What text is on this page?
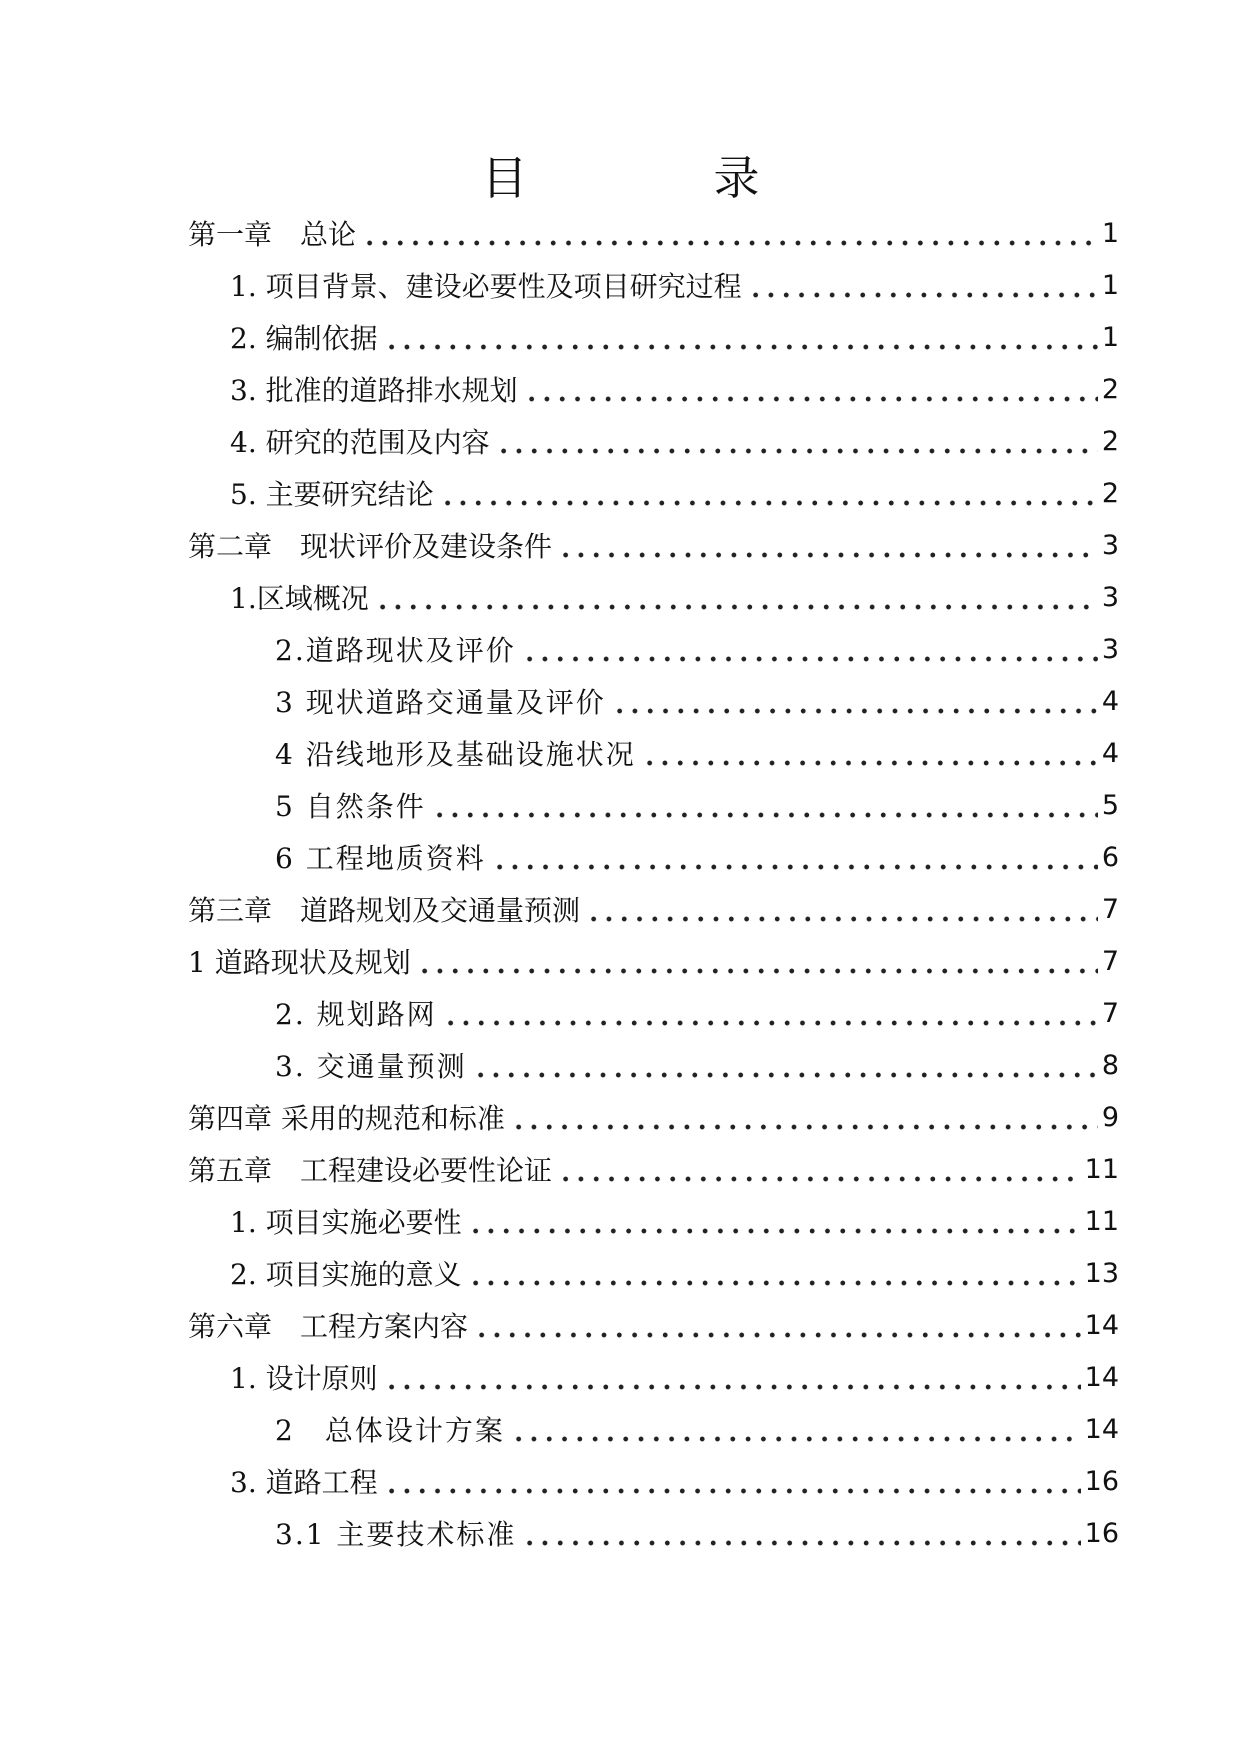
目　录
第一章　总论	1
1. 项目背景、建设必要性及项目研究过程	1
2. 编制依据	1
3. 批准的道路排水规划	2
4. 研究的范围及内容	2
5. 主要研究结论	2
第二章　现状评价及建设条件	3
1.区域概况	3
2.道路现状及评价	3
3 现状道路交通量及评价	4
4 沿线地形及基础设施状况	4
5 自然条件	5
6 工程地质资料	6
第三章　道路规划及交通量预测	7
1 道路现状及规划	7
2. 规划路网	7
3. 交通量预测	8
第四章 采用的规范和标准	9
第五章　工程建设必要性论证	11
1. 项目实施必要性	11
2. 项目实施的意义	13
第六章　工程方案内容	14
1. 设计原则	14
2　总体设计方案	14
3. 道路工程	16
3.1 主要技术标准	16
